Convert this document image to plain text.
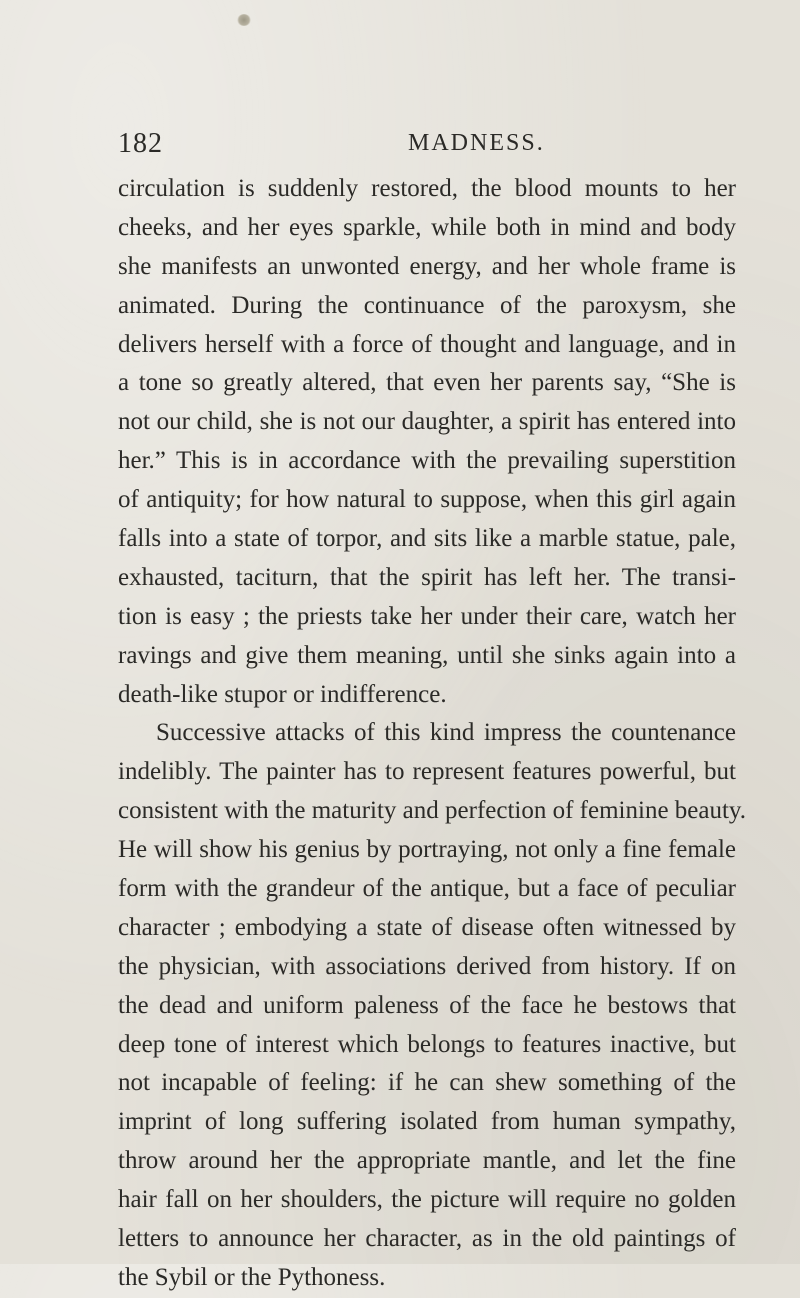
182	MADNESS.
circulation is suddenly restored, the blood mounts to her
cheeks, and her eyes sparkle, while both in mind and body
she manifests an unwonted energy, and her whole frame is
animated. During the continuance of the paroxysm, she
delivers herself with a force of thought and language, and in
a tone so greatly altered, that even her parents say, “She is
not our child, she is not our daughter, a spirit has entered into
her.” This is in accordance with the prevailing superstition
of antiquity; for how natural to suppose, when this girl again
falls into a state of torpor, and sits like a marble statue, pale,
exhausted, taciturn, that the spirit has left her. The transi-
tion is easy ; the priests take her under their care, watch her
ravings and give them meaning, until she sinks again into a
death-like stupor or indifference.
Successive attacks of this kind impress the countenance
indelibly. The painter has to represent features powerful, but
consistent with the maturity and perfection of feminine beauty.
He will show his genius by portraying, not only a fine female
form with the grandeur of the antique, but a face of peculiar
character ; embodying a state of disease often witnessed by
the physician, with associations derived from history. If on
the dead and uniform paleness of the face he bestows that
deep tone of interest which belongs to features inactive, but
not incapable of feeling: if he can shew something of the
imprint of long suffering isolated from human sympathy,
throw around her the appropriate mantle, and let the fine
hair fall on her shoulders, the picture will require no golden
letters to announce her character, as in the old paintings of
the Sybil or the Pythoness.
